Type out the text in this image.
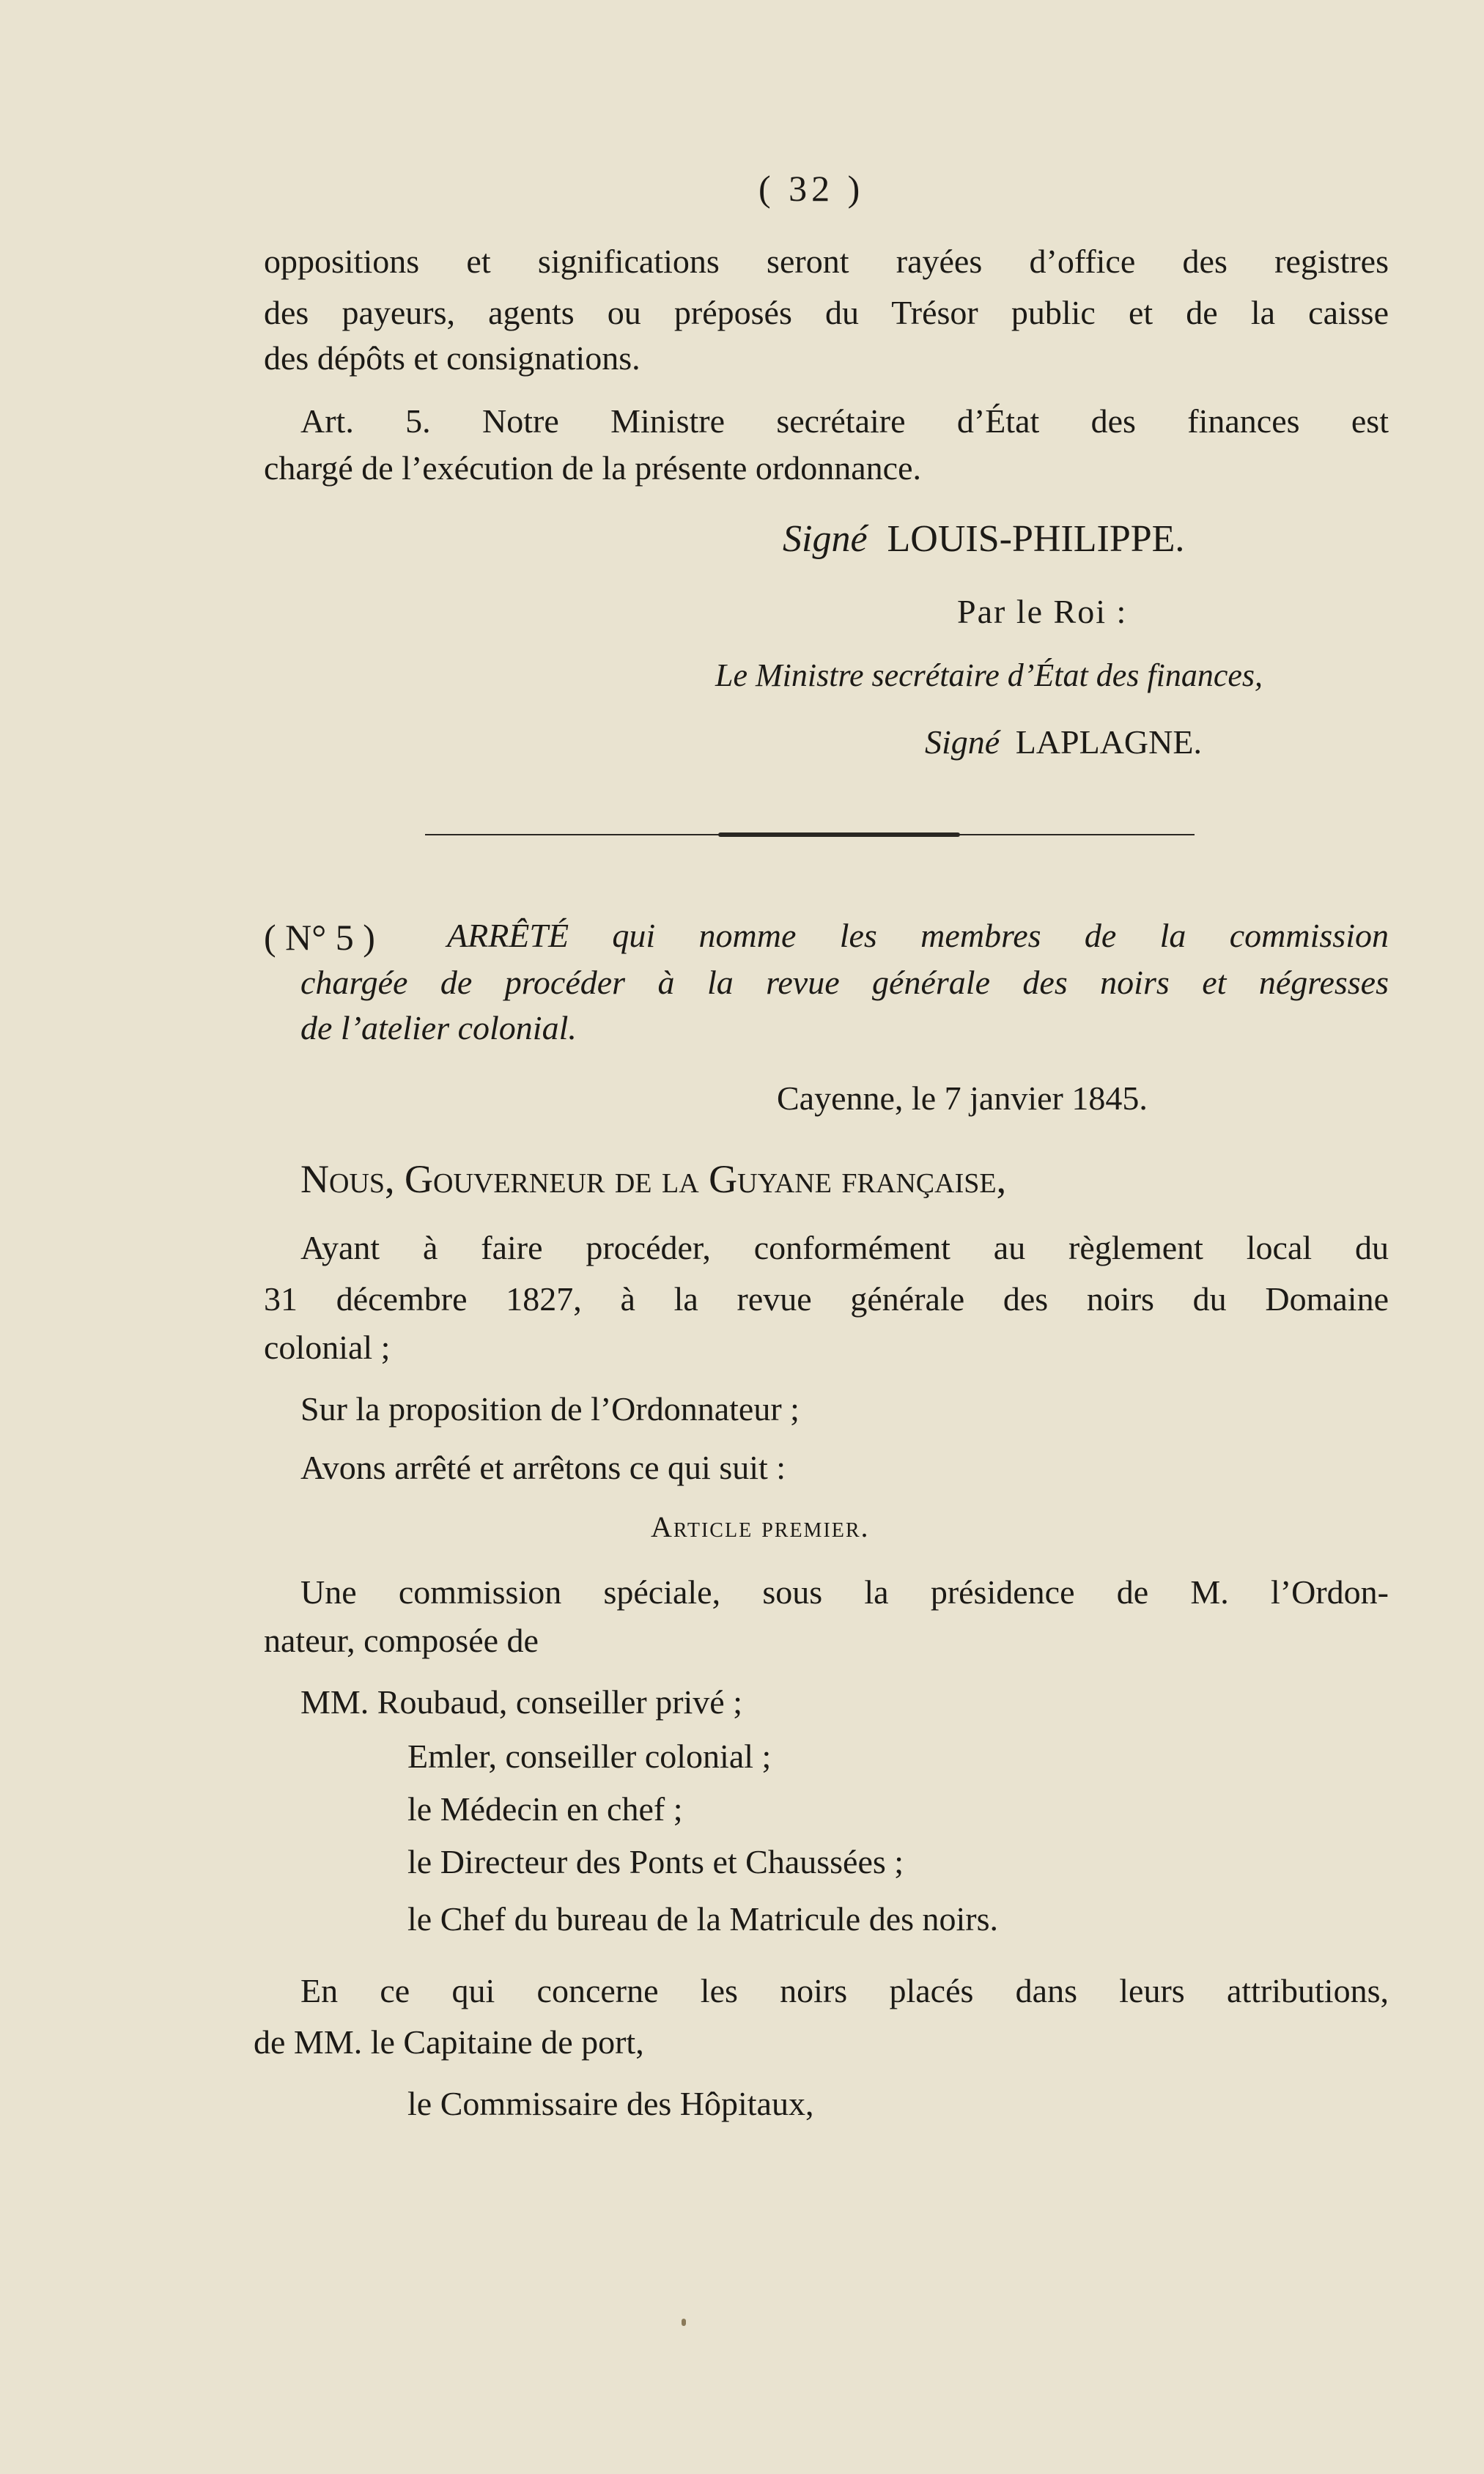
( 32 )
oppositions et significations seront rayées d’office des registres
des payeurs, agents ou préposés du Trésor public et de la caisse
des dépôts et consignations.
Art. 5. Notre Ministre secrétaire d’État des finances est
chargé de l’exécution de la présente ordonnance.
Signé LOUIS-PHILIPPE.
Par le Roi :
Le Ministre secrétaire d’État des finances,
Signé LAPLAGNE.
( N° 5 ) ARRÊTÉ qui nomme les membres de la commission
chargée de procéder à la revue générale des noirs et négresses
de l’atelier colonial.
Cayenne, le 7 janvier 1845.
Nous, Gouverneur de la Guyane française,
Ayant à faire procéder, conformément au règlement local du
31 décembre 1827, à la revue générale des noirs du Domaine
colonial ;
Sur la proposition de l’Ordonnateur ;
Avons arrêté et arrêtons ce qui suit :
Article premier.
Une commission spéciale, sous la présidence de M. l’Ordon-
nateur, composée de
MM. Roubaud, conseiller privé ;
Emler, conseiller colonial ;
le Médecin en chef ;
le Directeur des Ponts et Chaussées ;
le Chef du bureau de la Matricule des noirs.
En ce qui concerne les noirs placés dans leurs attributions,
de MM. le Capitaine de port,
le Commissaire des Hôpitaux,
